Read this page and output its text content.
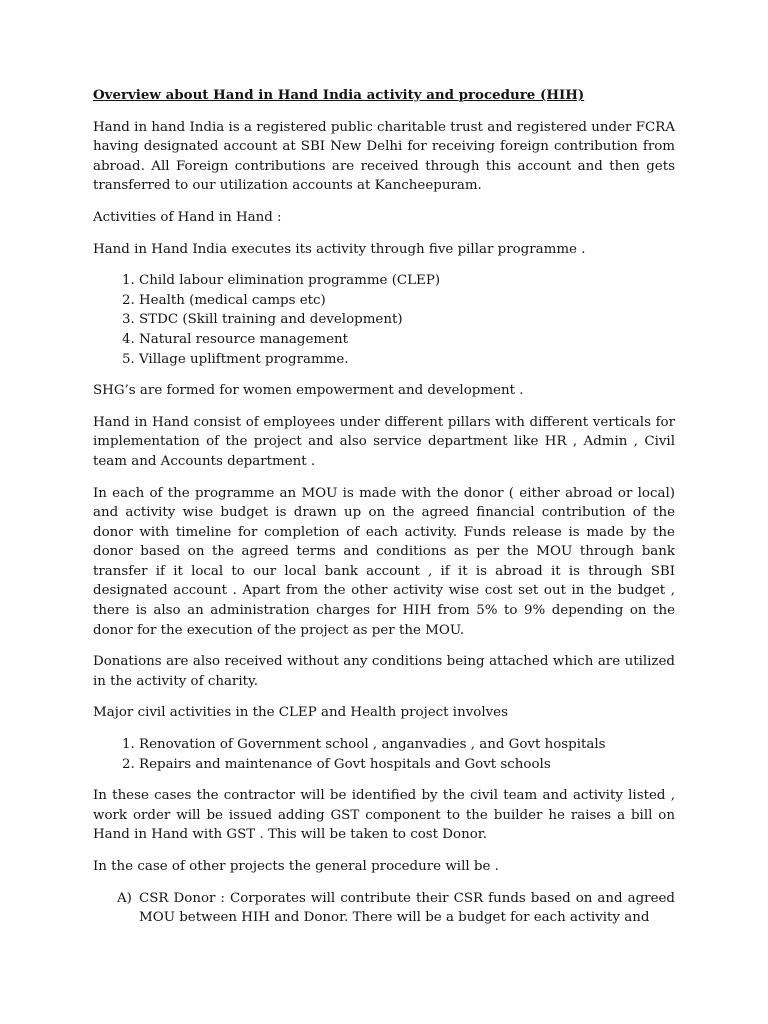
Overview about Hand in Hand India activity and procedure (HIH)

Hand in hand India is a registered public charitable trust and registered under FCRA having designated account at SBI New Delhi for receiving foreign contribution from abroad. All Foreign contributions are received through this account and then gets transferred to our utilization accounts at Kancheepuram.

Activities of Hand in Hand :

Hand in Hand India executes its activity through five pillar programme .

1. Child labour elimination programme (CLEP)
2. Health (medical camps etc)
3. STDC (Skill training and development)
4. Natural resource management
5. Village upliftment programme.

SHG’s are formed for women empowerment and development .

Hand in Hand consist of employees under different pillars with different verticals for implementation of the project and also service department like HR , Admin , Civil team and Accounts department .

In each of the programme an MOU is made with the donor ( either abroad or local) and activity wise budget is drawn up on the agreed financial contribution of the donor with timeline for completion of each activity. Funds release is made by the donor based on the agreed terms and conditions as per the MOU through bank transfer if it local to our local bank account , if it is abroad it is through SBI designated account . Apart from the other activity wise cost set out in the budget , there is also an administration charges for HIH from 5% to 9% depending on the donor for the execution of the project as per the MOU.

Donations are also received without any conditions being attached which are utilized in the activity of charity.

Major civil activities in the CLEP and Health project involves

1. Renovation of Government school , anganvadies , and Govt hospitals
2. Repairs and maintenance of Govt hospitals and Govt schools

In these cases the contractor will be identified by the civil team and activity listed , work order will be issued adding GST component to the builder he raises a bill on Hand in Hand with GST . This will be taken to cost Donor.

In the case of other projects the general procedure will be .

A) CSR Donor : Corporates will contribute their CSR funds based on and agreed MOU between HIH and Donor. There will be a budget for each activity and
